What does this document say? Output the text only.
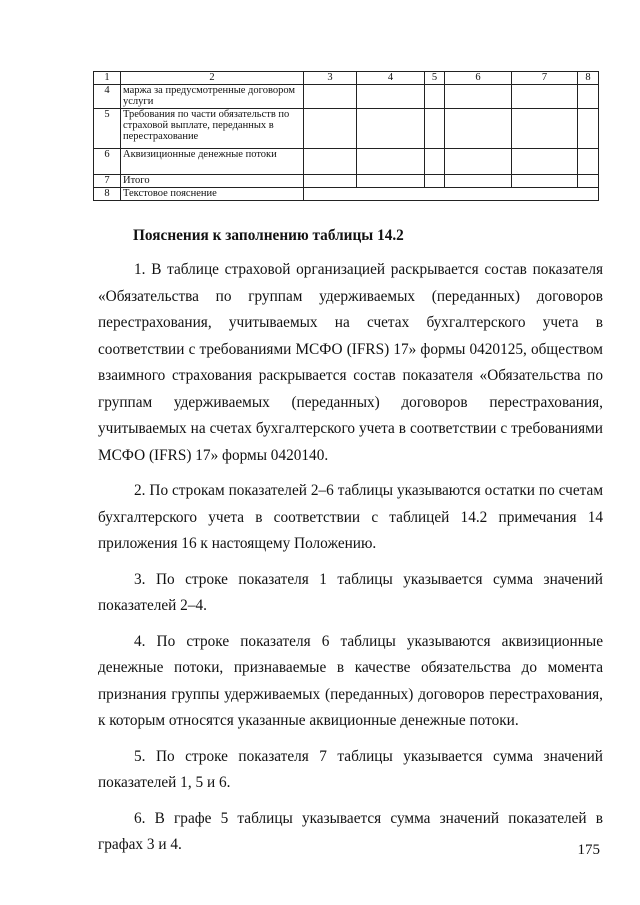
1	2	3	4	5	6	7	8
4	маржа за предусмотренные договором услуги						
5	Требования по части обязательств по страховой выплате, переданных в перестрахование						
6	Аквизиционные денежные потоки						
7	Итого						
8	Текстовое пояснение						
Пояснения к заполнению таблицы 14.2

1. В таблице страховой организацией раскрывается состав показателя «Обязательства по группам удерживаемых (переданных) договоров перестрахования, учитываемых на счетах бухгалтерского учета в соответствии с требованиями МСФО (IFRS) 17» формы 0420125, обществом взаимного страхования раскрывается состав показателя «Обязательства по группам удерживаемых (переданных) договоров перестрахования, учитываемых на счетах бухгалтерского учета в соответствии с требованиями МСФО (IFRS) 17» формы 0420140.

2. По строкам показателей 2–6 таблицы указываются остатки по счетам бухгалтерского учета в соответствии с таблицей 14.2 примечания 14 приложения 16 к настоящему Положению.

3. По строке показателя 1 таблицы указывается сумма значений показателей 2–4.

4. По строке показателя 6 таблицы указываются аквизиционные денежные потоки, признаваемые в качестве обязательства до момента признания группы удерживаемых (переданных) договоров перестрахования, к которым относятся указанные аквиционные денежные потоки.

5. По строке показателя 7 таблицы указывается сумма значений показателей 1, 5 и 6.

6. В графе 5 таблицы указывается сумма значений показателей в графах 3 и 4.	175
